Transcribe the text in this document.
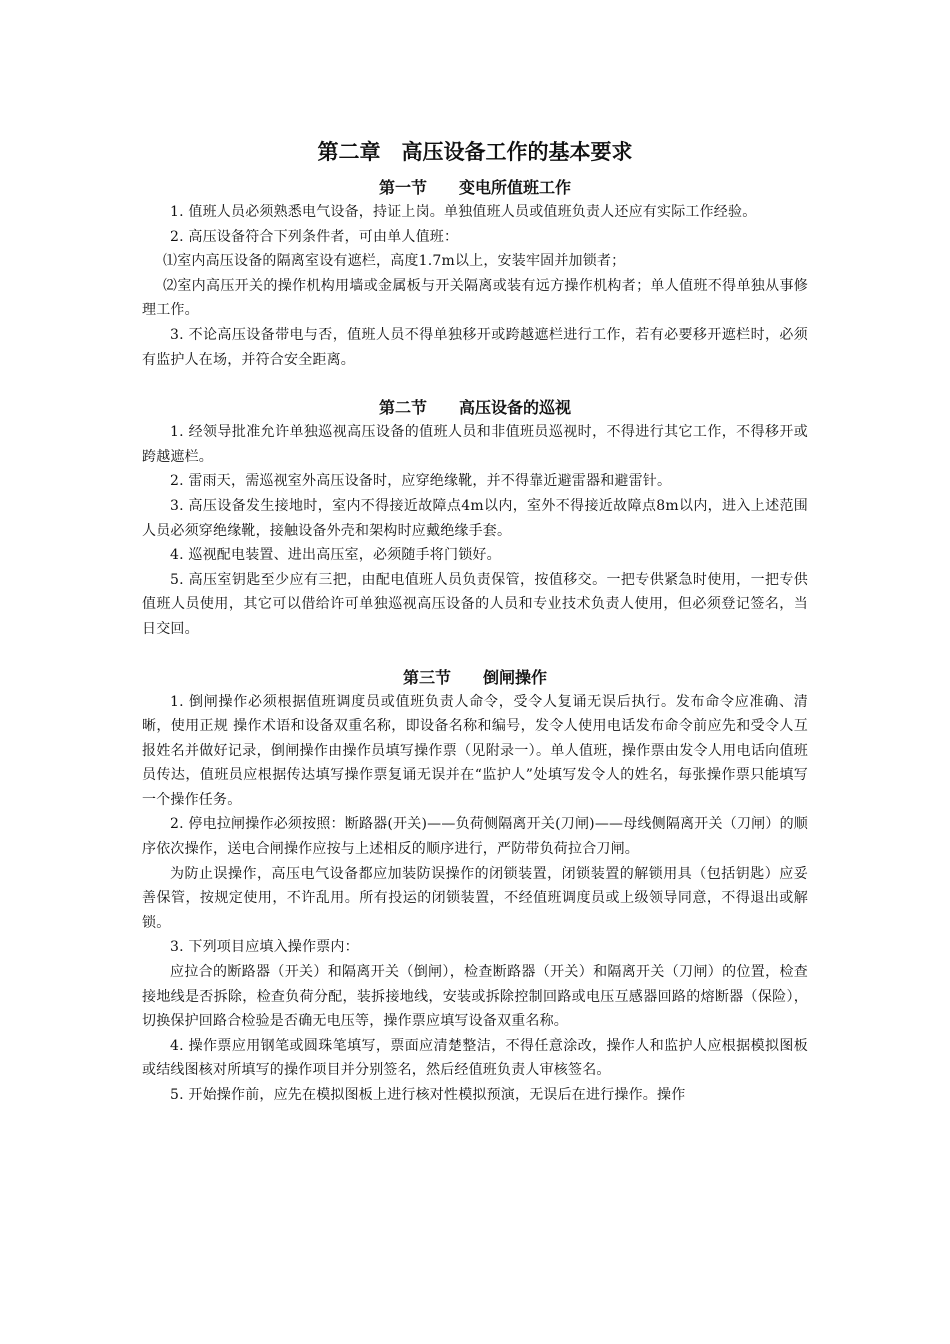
第二章　高压设备工作的基本要求
第一节　　变电所值班工作

1. 值班人员必须熟悉电气设备，持证上岗。单独值班人员或值班负责人还应有实际工作经验。

2. 高压设备符合下列条件者，可由单人值班：

⑴室内高压设备的隔离室设有遮栏，高度1.7m以上，安装牢固并加锁者；

⑵室内高压开关的操作机构用墙或金属板与开关隔离或装有远方操作机构者；单人值班不得单独从事修理工作。

3. 不论高压设备带电与否，值班人员不得单独移开或跨越遮栏进行工作，若有必要移开遮栏时，必须有监护人在场，并符合安全距离。

第二节　　高压设备的巡视

1. 经领导批准允许单独巡视高压设备的值班人员和非值班员巡视时，不得进行其它工作，不得移开或跨越遮栏。

2. 雷雨天，需巡视室外高压设备时，应穿绝缘靴，并不得靠近避雷器和避雷针。

3. 高压设备发生接地时，室内不得接近故障点4m以内，室外不得接近故障点8m以内，进入上述范围人员必须穿绝缘靴，接触设备外壳和架构时应戴绝缘手套。

4. 巡视配电装置、进出高压室，必须随手将门锁好。

5. 高压室钥匙至少应有三把，由配电值班人员负责保管，按值移交。一把专供紧急时使用，一把专供值班人员使用，其它可以借给许可单独巡视高压设备的人员和专业技术负责人使用，但必须登记签名，当日交回。

第三节　　倒闸操作

1. 倒闸操作必须根据值班调度员或值班负责人命令，受令人复诵无误后执行。发布命令应准确、清晰，使用正规 操作术语和设备双重名称，即设备名称和编号，发令人使用电话发布命令前应先和受令人互报姓名并做好记录，倒闸操作由操作员填写操作票（见附录一）。单人值班，操作票由发令人用电话向值班员传达，值班员应根据传达填写操作票复诵无误并在“监护人”处填写发令人的姓名，每张操作票只能填写一个操作任务。

2. 停电拉闸操作必须按照：断路器(开关)——负荷侧隔离开关(刀闸)——母线侧隔离开关（刀闸）的顺序依次操作，送电合闸操作应按与上述相反的顺序进行，严防带负荷拉合刀闸。

为防止误操作，高压电气设备都应加装防误操作的闭锁装置，闭锁装置的解锁用具（包括钥匙）应妥善保管，按规定使用，不许乱用。所有投运的闭锁装置，不经值班调度员或上级领导同意，不得退出或解锁。

3. 下列项目应填入操作票内：

应拉合的断路器（开关）和隔离开关（倒闸），检查断路器（开关）和隔离开关（刀闸）的位置，检查接地线是否拆除，检查负荷分配，装拆接地线，安装或拆除控制回路或电压互感器回路的熔断器（保险），切换保护回路合检验是否确无电压等，操作票应填写设备双重名称。

4. 操作票应用钢笔或圆珠笔填写，票面应清楚整洁，不得任意涂改，操作人和监护人应根据模拟图板或结线图核对所填写的操作项目并分别签名，然后经值班负责人审核签名。

5. 开始操作前，应先在模拟图板上进行核对性模拟预演，无误后在进行操作。操作
